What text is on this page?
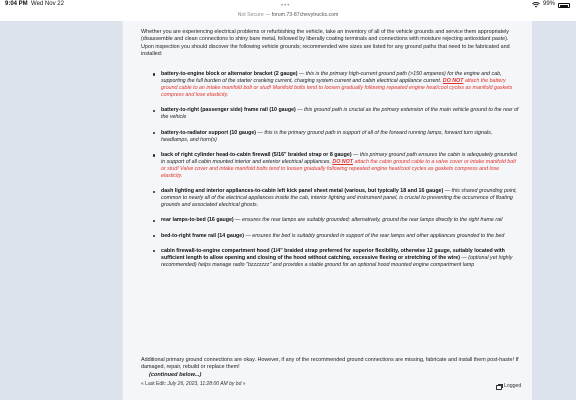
9:04 PM Wed Nov 22	•••	99%
Not Secure — forum.73-87chevytrucks.com

Whether you are experiencing electrical problems or refurbishing the vehicle, take an inventory of all of the vehicle grounds and service them appropriately (disassemble and clean connections to shiny bare metal, followed by liberally coating terminals and connections with moisture rejecting antioxidant paste). Upon inspection you should discover the following vehicle grounds; recommended wire sizes are listed for any ground paths that need to be fabricated and installed:

battery-to-engine block or alternator bracket (2 gauge) — this is the primary high-current ground path (>150 amperes) for the engine and cab, supporting the full burden of the starter cranking current, charging system current and cabin electrical appliance current. DO NOT attach the battery ground cable to an intake manifold bolt or stud! Manifold bolts tend to loosen gradually following repeated engine heat/cool cycles as manifold gaskets compress and lose elasticity.
battery-to-right (passenger side) frame rail (10 gauge) — this ground path is crucial as the primary extension of the main vehicle ground to the rear of the vehicle
battery-to-radiator support (10 gauge) — this is the primary ground path in support of all of the forward running lamps, forward turn signals, headlamps, and horn(s)
back of right cylinder head-to-cabin firewall (5/16" braided strap or 8 gauge) — this primary ground path ensures the cabin is adequately grounded in support of all cabin mounted interior and exterior electrical appliances. DO NOT attach the cabin ground cable to a valve cover or intake manifold bolt or stud! Valve cover and intake manifold bolts tend to loosen gradually following repeated engine heat/cool cycles as gaskets compress and lose elasticity.
dash lighting and interior appliances-to-cabin left kick panel sheet metal (various, but typically 18 and 16 gauge) — this shared grounding point, common to nearly all of the electrical appliances inside the cab, interior lighting and instrument panel, is crucial to preventing the occurrence of floating grounds and associated electrical ghosts.
rear lamps-to-bed (16 gauge) — ensures the rear lamps are suitably grounded; alternatively, ground the rear lamps directly to the right frame rail
bed-to-right frame rail (14 gauge) — ensures the bed is suitably grounded in support of the rear lamps and other appliances grounded to the bed
cabin firewall-to-engine compartment hood (1/4" braided strap preferred for superior flexibility, otherwise 12 gauge, suitably located with sufficient length to allow opening and closing of the hood without catching, excessive flexing or stretching of the wire) — (optional yet highly recommended) helps manage radio "bzzzzzzz" and provides a stable ground for an optional hood mounted engine compartment lamp

Additional primary ground connections are okay. However, if any of the recommended ground connections are missing, fabricate and install them post-haste! If damaged, repair, rebuild or replace them!

(continued below...)
« Last Edit: July 26, 2023, 11:28:00 AM by bd »	Logged
